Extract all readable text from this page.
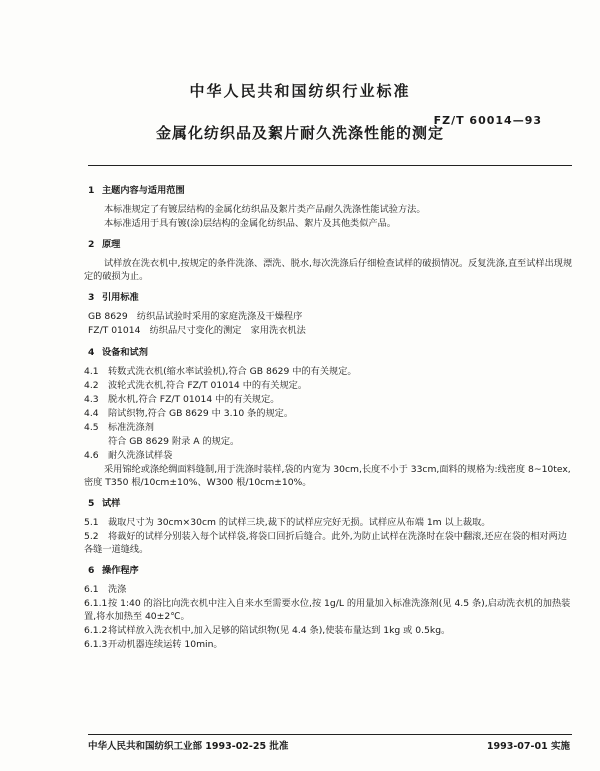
中华人民共和国纺织行业标准
FZ/T 60014—93
金属化纺织品及絮片耐久洗涤性能的测定
1 主题内容与适用范围

本标准规定了有镀层结构的金属化纺织品及絮片类产品耐久洗涤性能试验方法。

本标准适用于具有镀(涂)层结构的金属化纺织品、絮片及其他类似产品。

2 原理

试样放在洗衣机中,按规定的条件洗涤、漂洗、脱水,每次洗涤后仔细检查试样的破损情况。反复洗涤,直至试样出现规定的破损为止。

3 引用标准
GB 8629　纺织品试验时采用的家庭洗涤及干燥程序
FZ/T 01014　纺织品尺寸变化的测定　家用洗衣机法
4 设备和试剂
4.1 转数式洗衣机(缩水率试验机),符合 GB 8629 中的有关规定。
4.2 波轮式洗衣机,符合 FZ/T 01014 中的有关规定。
4.3 脱水机,符合 FZ/T 01014 中的有关规定。
4.4 陪试织物,符合 GB 8629 中 3.10 条的规定。
4.5 标准洗涤剂
符合 GB 8629 附录 A 的规定。
4.6 耐久洗涤试样袋

采用锦纶或涤纶绸面料缝制,用于洗涤时装样,袋的内宽为 30cm,长度不小于 33cm,面料的规格为:线密度 8~10tex,密度 T350 根/10cm±10%、W300 根/10cm±10%。

5 试样
5.1 裁取尺寸为 30cm×30cm 的试样三块,裁下的试样应完好无损。试样应从布端 1m 以上裁取。
5.2 将裁好的试样分别装入每个试样袋,将袋口回折后缝合。此外,为防止试样在洗涤时在袋中翻滚,还应在袋的相对两边各缝一道缝线。
6 操作程序
6.1 洗涤
6.1.1按 1:40 的浴比向洗衣机中注入自来水至需要水位,按 1g/L 的用量加入标准洗涤剂(见 4.5 条),启动洗衣机的加热装置,将水加热至 40±2℃。
6.1.2将试样放入洗衣机中,加入足够的陪试织物(见 4.4 条),使装布量达到 1kg 或 0.5kg。
6.1.3开动机器连续运转 10min。
中华人民共和国纺织工业部 1993-02-25 批准	1993-07-01 实施
